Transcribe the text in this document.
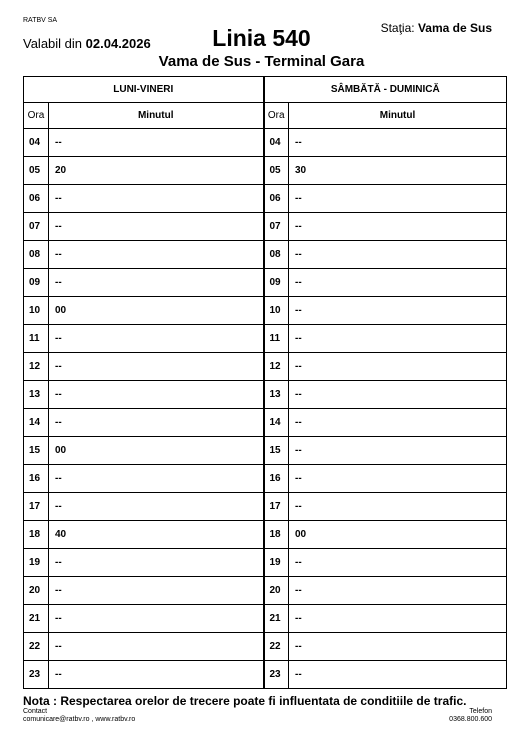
RATBV SA
Valabil din 02.04.2026
Staţia: Vama de Sus
Linia 540
Vama de Sus - Terminal Gara
LUNI-VINERI		SÂMBĂTĂ - DUMINICĂ	
Ora	Minutul	Ora	Minutul
04	--	04	--
05	20	05	30
06	--	06	--
07	--	07	--
08	--	08	--
09	--	09	--
10	00	10	--
11	--	11	--
12	--	12	--
13	--	13	--
14	--	14	--
15	00	15	--
16	--	16	--
17	--	17	--
18	40	18	00
19	--	19	--
20	--	20	--
21	--	21	--
22	--	22	--
23	--	23	--
Nota : Respectarea orelor de trecere poate fi influentata de conditiile de trafic.
Contact
comunicare@ratbv.ro , www.ratbv.ro
Telefon
0368.800.600
